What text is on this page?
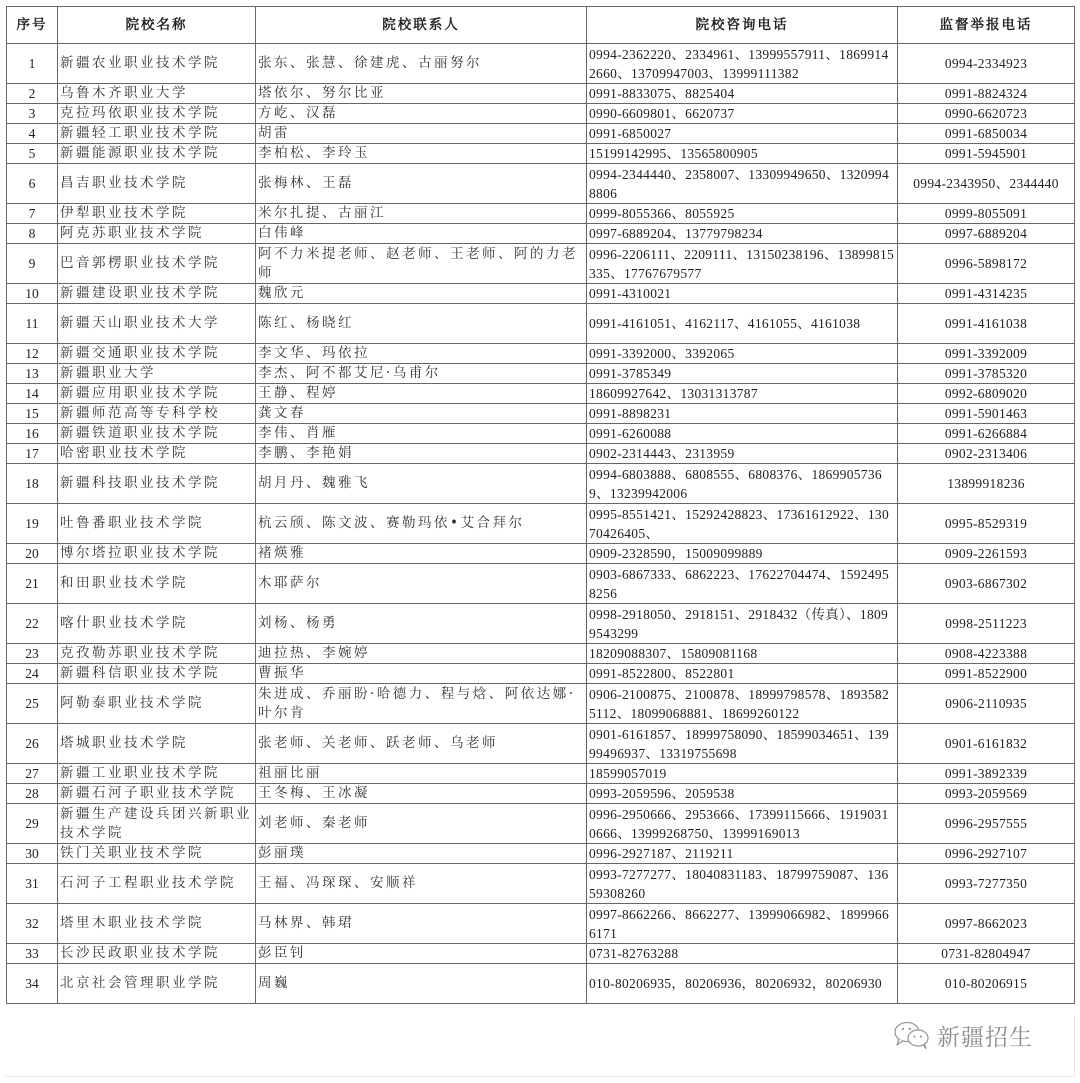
序号	院校名称	院校联系人	院校咨询电话	监督举报电话
1	新疆农业职业技术学院	张东、张慧、徐建虎、古丽努尔	0994-2362220、2334961、13999557911、18699142660、13709947003、13999111382	0994-2334923
2	乌鲁木齐职业大学	塔依尔、努尔比亚	0991-8833075、8825404	0991-8824324
3	克拉玛依职业技术学院	方屹、汉磊	0990-6609801、6620737	0990-6620723
4	新疆轻工职业技术学院	胡雷	0991-6850027	0991-6850034
5	新疆能源职业技术学院	李柏松、李玲玉	15199142995、13565800905	0991-5945901
6	昌吉职业技术学院	张梅林、王磊	0994-2344440、2358007、13309949650、13209948806	0994-2343950、2344440
7	伊犁职业技术学院	米尔扎提、古丽江	0999-8055366、8055925	0999-8055091
8	阿克苏职业技术学院	白伟峰	0997-6889204、13779798234	0997-6889204
9	巴音郭楞职业技术学院	阿不力米提老师、赵老师、王老师、阿的力老师	0996-2206111、2209111、13150238196、13899815335、17767679577	0996-5898172
10	新疆建设职业技术学院	魏欣元	0991-4310021	0991-4314235
11	新疆天山职业技术大学	陈红、杨晓红	0991-4161051、4162117、4161055、4161038	0991-4161038
12	新疆交通职业技术学院	李文华、玛依拉	0991-3392000、3392065	0991-3392009
13	新疆职业大学	李杰、阿不都艾尼·乌甫尔	0991-3785349	0991-3785320
14	新疆应用职业技术学院	王静、程婷	18609927642、13031313787	0992-6809020
15	新疆师范高等专科学校	龚文春	0991-8898231	0991-5901463
16	新疆铁道职业技术学院	李伟、肖雁	0991-6260088	0991-6266884
17	哈密职业技术学院	李鹏、李艳娟	0902-2314443、2313959	0902-2313406
18	新疆科技职业技术学院	胡月丹、魏雅飞	0994-6803888、6808555、6808376、18699057369、13239942006	13899918236
19	吐鲁番职业技术学院	杭云颀、陈文波、赛勒玛依•艾合拜尔	0995-8551421、15292428823、17361612922、13070426405、	0995-8529319
20	博尔塔拉职业技术学院	褚煐雅	0909-2328590，15009099889	0909-2261593
21	和田职业技术学院	木耶萨尔	0903-6867333、6862223、17622704474、15924958256	0903-6867302
22	喀什职业技术学院	刘杨、杨勇	0998-2918050、2918151、2918432（传真）、18099543299	0998-2511223
23	克孜勒苏职业技术学院	迪拉热、李婉婷	18209088307、15809081168	0908-4223388
24	新疆科信职业技术学院	曹振华	0991-8522800、8522801	0991-8522900
25	阿勒泰职业技术学院	朱进成、乔丽盼·哈德力、程与焓、阿依达娜·叶尔肯	0906-2100875、2100878、18999798578、18935825112、18099068881、18699260122	0906-2110935
26	塔城职业技术学院	张老师、关老师、跃老师、乌老师	0901-6161857、18999758090、18599034651、13999496937、13319755698	0901-6161832
27	新疆工业职业技术学院	祖丽比丽	18599057019	0991-3892339
28	新疆石河子职业技术学院	王冬梅、王冰凝	0993-2059596、2059538	0993-2059569
29	新疆生产建设兵团兴新职业技术学院	刘老师、秦老师	0996-2950666、2953666、17399115666、19190310666、13999268750、13999169013	0996-2957555
30	铁门关职业技术学院	彭丽璞	0996-2927187、2119211	0996-2927107
31	石河子工程职业技术学院	王福、冯琛琛、安顺祥	0993-7277277、18040831183、18799759087、13659308260	0993-7277350
32	塔里木职业技术学院	马林界、韩珺	0997-8662266、8662277、13999066982、18999666171	0997-8662023
33	长沙民政职业技术学院	彭臣钊	0731-82763288	0731-82804947
34	北京社会管理职业学院	周巍	010-80206935，80206936，80206932，80206930	010-80206915
新疆招生
